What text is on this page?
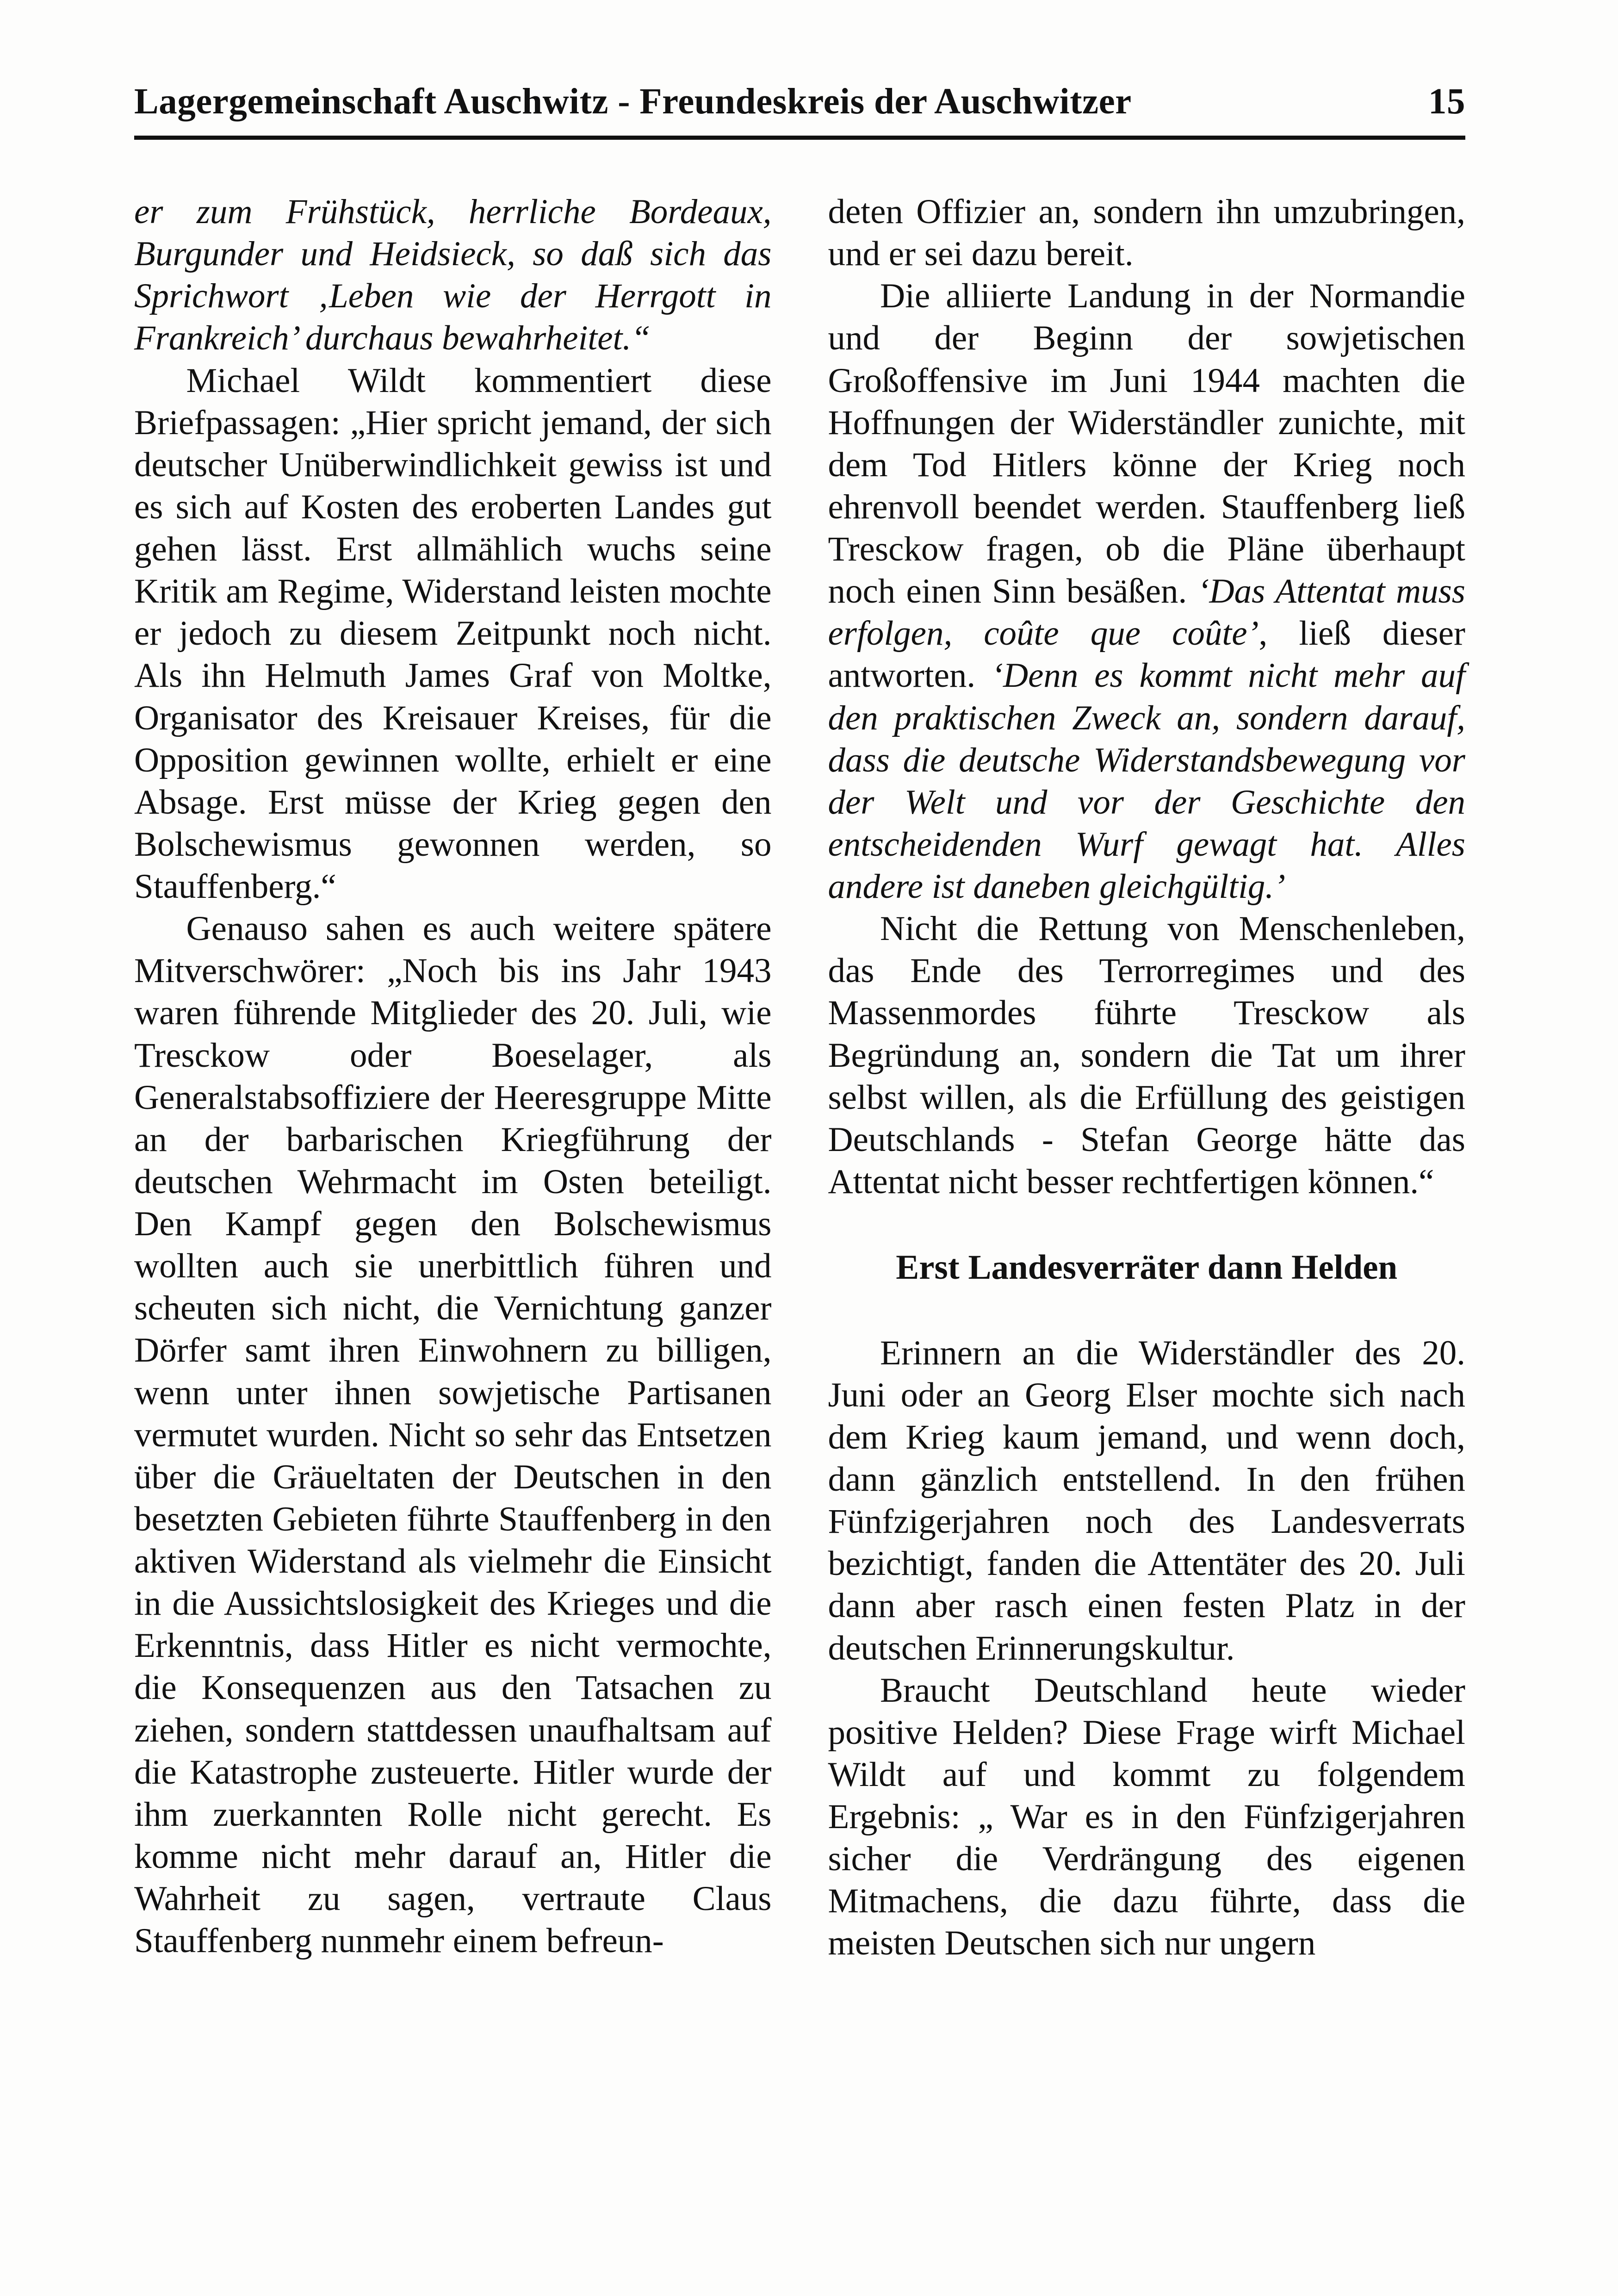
Lagergemeinschaft Auschwitz - Freundeskreis der Auschwitzer	15

er zum Frühstück, herrliche Bordeaux, Burgunder und Heidsieck, so daß sich das Sprichwort ‚Leben wie der Herrgott in Frankreich’ durchaus bewahrheitet.“

Michael Wildt kommentiert diese Briefpassagen: „Hier spricht jemand, der sich deutscher Unüberwindlichkeit gewiss ist und es sich auf Kosten des eroberten Landes gut gehen lässt. Erst allmählich wuchs seine Kritik am Regime, Widerstand leisten mochte er jedoch zu diesem Zeitpunkt noch nicht. Als ihn Helmuth James Graf von Moltke, Organisator des Kreisauer Kreises, für die Opposition gewinnen wollte, erhielt er eine Absage. Erst müsse der Krieg gegen den Bolschewismus gewonnen werden, so Stauffenberg.“

Genauso sahen es auch weitere spätere Mitverschwörer: „Noch bis ins Jahr 1943 waren führende Mitglieder des 20. Juli, wie Tresckow oder Boeselager, als Generalstabsoffiziere der Heeresgruppe Mitte an der barbarischen Kriegführung der deutschen Wehrmacht im Osten beteiligt. Den Kampf gegen den Bolschewismus wollten auch sie unerbittlich führen und scheuten sich nicht, die Vernichtung ganzer Dörfer samt ihren Einwohnern zu billigen, wenn unter ihnen sowjetische Partisanen vermutet wurden. Nicht so sehr das Entsetzen über die Gräueltaten der Deutschen in den besetzten Gebieten führte Stauffenberg in den aktiven Widerstand als vielmehr die Einsicht in die Aussichtslosigkeit des Krieges und die Erkenntnis, dass Hitler es nicht vermochte, die Konsequenzen aus den Tatsachen zu ziehen, sondern stattdessen unaufhaltsam auf die Katastrophe zusteuerte. Hitler wurde der ihm zuerkannten Rolle nicht gerecht. Es komme nicht mehr darauf an, Hitler die Wahrheit zu sagen, vertraute Claus Stauffenberg nunmehr einem befreun-

deten Offizier an, sondern ihn umzubringen, und er sei dazu bereit.

Die alliierte Landung in der Normandie und der Beginn der sowjetischen Großoffensive im Juni 1944 machten die Hoffnungen der Widerständler zunichte, mit dem Tod Hitlers könne der Krieg noch ehrenvoll beendet werden. Stauffenberg ließ Tresckow fragen, ob die Pläne überhaupt noch einen Sinn besäßen. ‘Das Attentat muss erfolgen, coûte que coûte’, ließ dieser antworten. ‘Denn es kommt nicht mehr auf den praktischen Zweck an, sondern darauf, dass die deutsche Widerstandsbewegung vor der Welt und vor der Geschichte den entscheidenden Wurf gewagt hat. Alles andere ist daneben gleichgültig.’

Nicht die Rettung von Menschenleben, das Ende des Terrorregimes und des Massenmordes führte Tresckow als Begründung an, sondern die Tat um ihrer selbst willen, als die Erfüllung des geistigen Deutschlands - Stefan George hätte das Attentat nicht besser rechtfertigen können.“

Erst Landesverräter dann Helden

Erinnern an die Widerständler des 20. Juni oder an Georg Elser mochte sich nach dem Krieg kaum jemand, und wenn doch, dann gänzlich entstellend. In den frühen Fünfzigerjahren noch des Landesverrats bezichtigt, fanden die Attentäter des 20. Juli dann aber rasch einen festen Platz in der deutschen Erinnerungskultur.

Braucht Deutschland heute wieder positive Helden? Diese Frage wirft Michael Wildt auf und kommt zu folgendem Ergebnis: „ War es in den Fünfzigerjahren sicher die Verdrängung des eigenen Mitmachens, die dazu führte, dass die meisten Deutschen sich nur ungern
